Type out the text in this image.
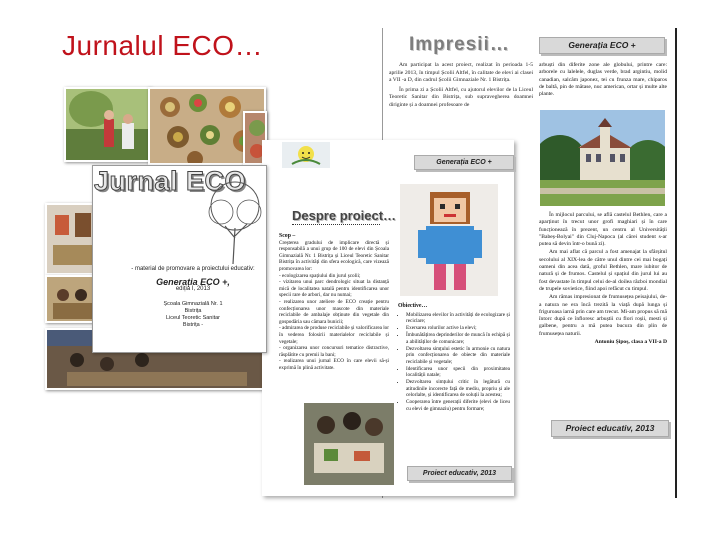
Jurnalul ECO…	Impresii…	Generația ECO +

Am participat la acest proiect, realizat în perioada 1-5 aprilie 2013, în timpul Școlii Altfel, în calitate de elevi ai clasei a VII -a D, din cadrul Școlii Gimnaziale Nr. 1 Bistrița.

În prima zi a Școlii Altfel, cu ajutorul elevilor de la Liceul Teoretic Sanitar din Bistrița, sub supravegherea doamnei diriginte și a doamnei profesoare de

arbuști din diferite zone ale globului, printre care: arborele cu lalelele, duglas verde, brad argintiu, molid canadian, salcâm japonez, tei cu frunza mare, chiparos de baltă, pin de mătase, nuc american, ortar și multe alte plante.

În mijlocul parcului, se află castelul Bethlen, care a aparținut în trecut unor grofi maghiari și în care funcționează în prezent, un centru al Universității "Babeș-Bolyai" din Cluj-Napoca (al cărei student s-ar putea să devin într-o bună zi).

Am mai aflat că parcul a fost amenajat la sfârșitul secolului al XIX-lea de către unul dintre cei mai bogați oameni din acea dată, groful Bethlen, mare iubitor de natură și de frumos. Castelul și spațiul din jurul lui au fost devastate în timpul celui de-al doilea război mondial de trupele sovietice, fiind apoi refăcut cu timpul.

Am rămas impresionat de frumusețea peisajului, de-a natura ne era încă trezită la viață după lunga și friguroasa iarnă prin care am trecut. Mi-am propus să mă întorc după ce înfloresc arbuștii cu flori roșii, mesti și galbene, pentru a mă putea bucura din plin de frumusețea naturii.

Antoniu Șipoș, clasa a VII-a D

Proiect educativ, 2013
Generația ECO +
Despre proiect…
Scop –
Creșterea gradului de implicare directă și responsabilă a unui grup de 100 de elevi din Școala Gimnazială Nr. 1 Bistrița și Liceul Teoretic Sanitar Bistrița în activități din sfera ecologică, care vizează promovarea lor:
- ecologizarea spațiului din jurul școlii;
- vizitarea unui parc dendrologic situat la distanță mică de localitatea natală pentru identificarea unor specii rare de arbori, dar nu numai;
- realizarea unor ateliere de ECO creație pentru confecționarea unor mascote din materiale reciclabile de ambalaje obținute din vegetale din gospodăria sau cămara bunicii;
- admirarea de produse reciclabile și valorificarea lor în vederea folosirii materialelor reciclabile și vegetale;
- organizarea unor concursuri tematice distractive, răsplătite cu premii la bani;
- realizarea unui jurnal ECO în care elevii să-și exprimă în plină activitate.
Obiective…
• Mobilizarea elevilor în activități de ecologizare și reciclare;
• Exersarea rolurilor active la elevi;
• Îmbunătățirea deprinderilor de muncă în echipă și a abilităților de comunicare;
• Dezvoltarea simțului estetic în armonie cu natura prin confecționarea de obiecte din materiale reciclabile și vegetale;
• Identificarea unor specii din proximitatea localității natale;
• Dezvoltarea simțului critic în legătură cu atitudinile incorecte față de mediu, propriu și ale celorlalte, și identificarea de soluții la acestea;
• Cooperarea între generații diferite (elevi de liceu cu elevi de gimnaziu) pentru formare;
Proiect educativ, 2013
Jurnal ECO
- material de promovare a proiectului educativ:
Generația ECO +,
ediția I, 2013
Școala Gimnazială Nr. 1
Bistrița
Liceul Teoretic Sanitar
Bistrița -
